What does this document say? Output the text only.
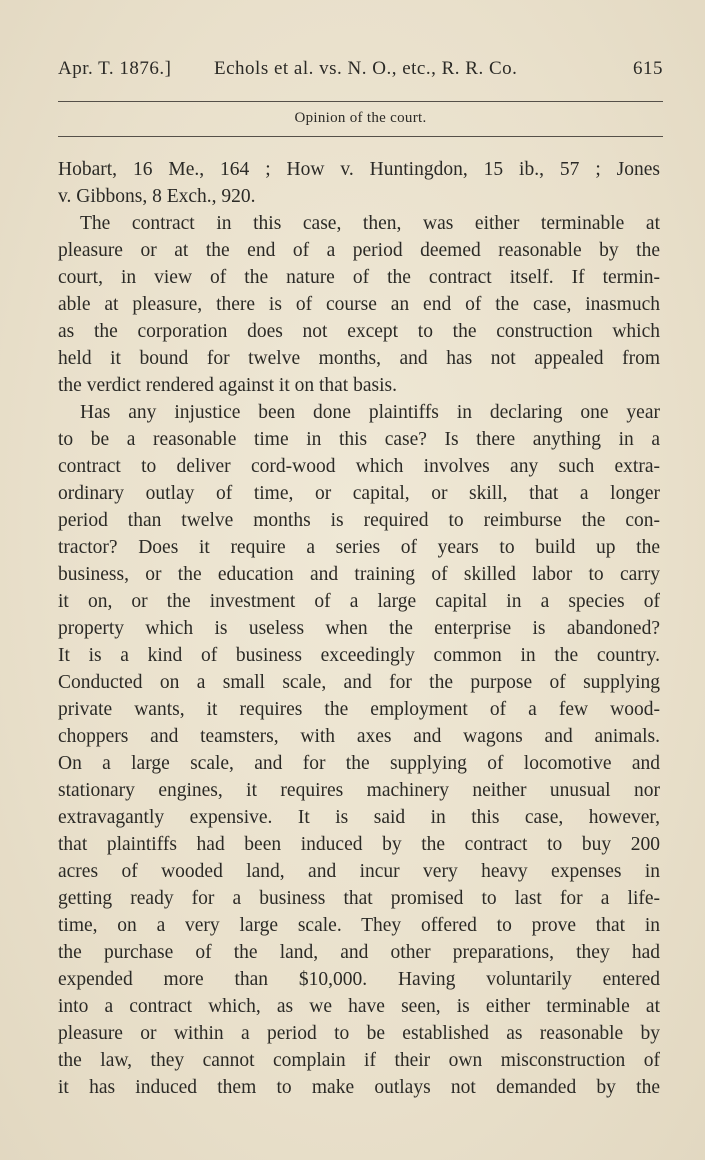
Apr. T. 1876.] Echols et al. vs. N. O., etc., R. R. Co.	615
Opinion of the court.
Hobart, 16 Me., 164 ; How v. Huntingdon, 15 ib., 57 ; Jones
v. Gibbons, 8 Exch., 920.
The contract in this case, then, was either terminable at
pleasure or at the end of a period deemed reasonable by the
court, in view of the nature of the contract itself. If termin-
able at pleasure, there is of course an end of the case, inasmuch
as the corporation does not except to the construction which
held it bound for twelve months, and has not appealed from
the verdict rendered against it on that basis.
Has any injustice been done plaintiffs in declaring one year
to be a reasonable time in this case? Is there anything in a
contract to deliver cord-wood which involves any such extra-
ordinary outlay of time, or capital, or skill, that a longer
period than twelve months is required to reimburse the con-
tractor? Does it require a series of years to build up the
business, or the education and training of skilled labor to carry
it on, or the investment of a large capital in a species of
property which is useless when the enterprise is abandoned?
It is a kind of business exceedingly common in the country.
Conducted on a small scale, and for the purpose of supplying
private wants, it requires the employment of a few wood-
choppers and teamsters, with axes and wagons and animals.
On a large scale, and for the supplying of locomotive and
stationary engines, it requires machinery neither unusual nor
extravagantly expensive. It is said in this case, however,
that plaintiffs had been induced by the contract to buy 200
acres of wooded land, and incur very heavy expenses in
getting ready for a business that promised to last for a life-
time, on a very large scale. They offered to prove that in
the purchase of the land, and other preparations, they had
expended more than $10,000. Having voluntarily entered
into a contract which, as we have seen, is either terminable at
pleasure or within a period to be established as reasonable by
the law, they cannot complain if their own misconstruction of
it has induced them to make outlays not demanded by the
